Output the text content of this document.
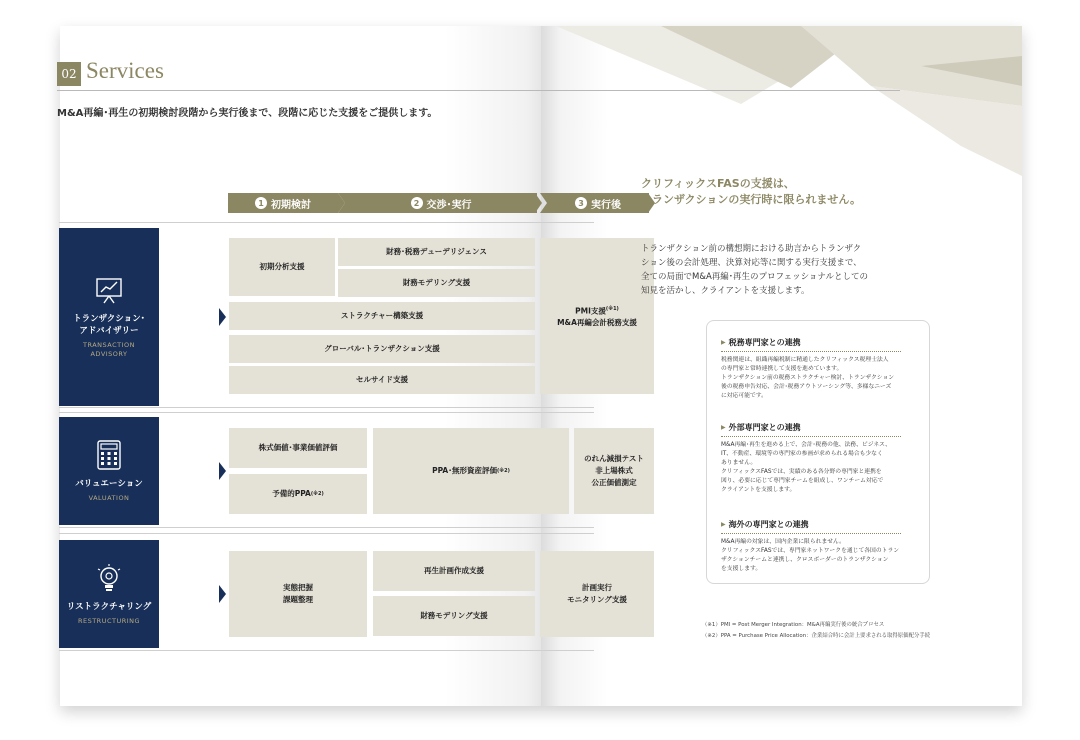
02 Services
M&A再編･再生の初期検討段階から実行後まで、段階に応じた支援をご提供します。
1 初期検討	2 交渉･実行	3 実行後
トランザクション･
アドバイザリー
TRANSACTION
ADVISORY
初期分析支援
財務･税務デューデリジェンス
財務モデリング支援
ストラクチャー構築支援
グローバル･トランザクション支援
セルサイド支援
PMI支援$^{(※1)}$
M&A再編会計税務支援
バリュエーション
VALUATION
株式価値･事業価値評価
予備的PPA (※2)
PPA･無形資産評価 (※2)
のれん減損テスト
非上場株式
公正価値測定
リストラクチャリング
RESTRUCTURING
実態把握
課題整理
再生計画作成支援
財務モデリング支援
計画実行
モニタリング支援
クリフィックスFASの支援は、
トランザクションの実行時に限られません。
トランザクション前の構想期における助言からトランザク
ション後の会計処理、決算対応等に関する実行支援まで、
全ての局面でM&A再編･再生のプロフェッショナルとしての
知見を活かし、クライアントを支援します。
▶ 税務専門家との連携

税務関連は、組織再編税制に精通したクリフィックス税理士法人
の専門家と常時連携して支援を進めています。
トランザクション前の税務ストラクチャー検討、トランザクション
後の税務申告対応、会計･税務アウトソーシング等、多様なニーズ
に対応可能です。

▶ 外部専門家との連携

M&A再編･再生を進める上で、会計･税務の他、法務、ビジネス、
IT、不動産、環境等の専門家の参画が求められる場合も少なく
ありません。
クリフィックスFASでは、実績のある各分野の専門家と連携を
図り、必要に応じて専門家チームを組成し、ワンチーム対応で
クライアントを支援します。

▶ 海外の専門家との連携

M&A再編の対象は、国内企業に限られません。
クリフィックスFASでは、専門家ネットワークを通じて各国のトラン
ザクションチームと連携し、クロスボーダーのトランザクション
を支援します。

（※1）PMI = Post Merger Integration：M&A再編実行後の統合プロセス
（※2）PPA = Purchase Price Allocation：企業結合時に会計上要求される取得原価配分手続
